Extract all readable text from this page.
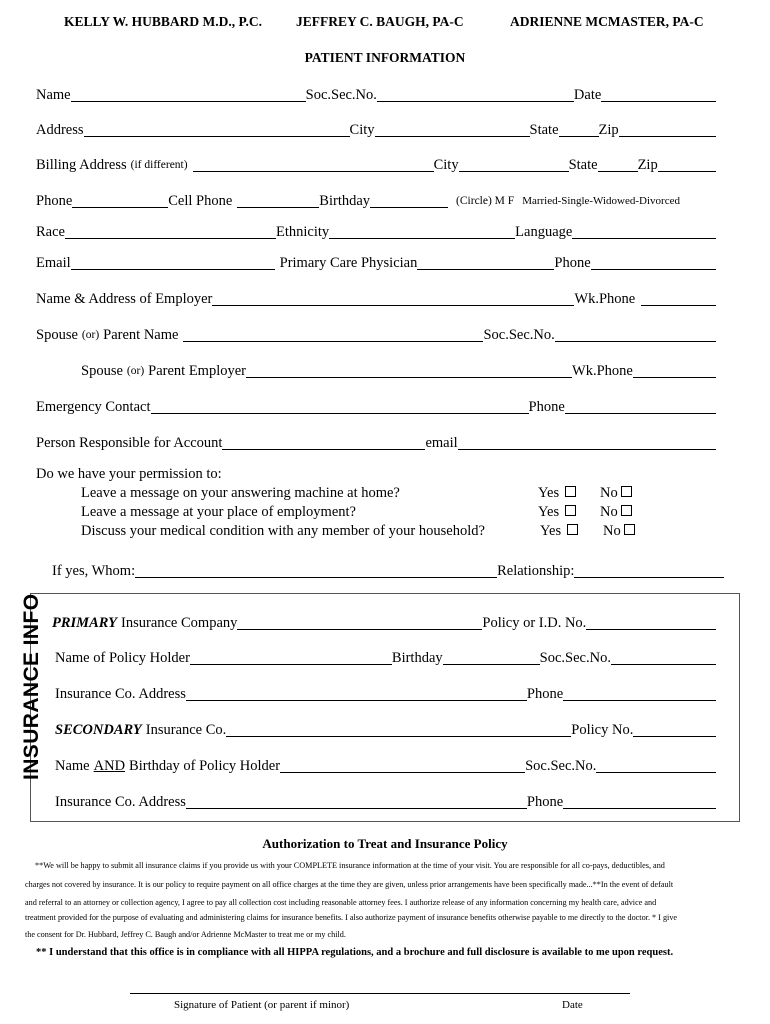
KELLY W. HUBBARD M.D., P.C.	JEFFREY C. BAUGH, PA-C	ADRIENNE MCMASTER, PA-C
PATIENT INFORMATION
Name	Soc.Sec.No.	Date
Address	City	State	Zip
Billing Address (if different)	City	State	Zip
Phone	Cell Phone	Birthday	(Circle) M F Married-Single-Widowed-Divorced
Race	Ethnicity	Language
Email	Primary Care Physician	Phone
Name & Address of Employer	Wk.Phone
Spouse (or) Parent Name	Soc.Sec.No.
Spouse (or) Parent Employer	Wk.Phone
Emergency Contact	Phone
Person Responsible for Account	email
Do we have your permission to:
Leave a message on your answering machine at home?	Yes	No
Leave a message at your place of employment?	Yes	No
Discuss your medical condition with any member of your household?	Yes	No
If yes, Whom:	Relationship:
INSURANCE INFO PRIMARY Insurance Company	Policy or I.D. No.
Name of Policy Holder	Birthday	Soc.Sec.No.
Insurance Co. Address	Phone
SECONDARY Insurance Co.	Policy No.
Name AND Birthday of Policy Holder	Soc.Sec.No.
Insurance Co. Address	Phone
Authorization to Treat and Insurance Policy
**We will be happy to submit all insurance claims if you provide us with your COMPLETE insurance information at the time of your visit. You are responsible for all co-pays, deductibles, and
charges not covered by insurance. It is our policy to require payment on all office charges at the time they are given, unless prior arrangements have been specifically made...**In the event of default
and referral to an attorney or collection agency, I agree to pay all collection cost including reasonable attorney fees. I authorize release of any information concerning my health care, advice and
treatment provided for the purpose of evaluating and administering claims for insurance benefits. I also authorize payment of insurance benefits otherwise payable to me directly to the doctor. * I give
the consent for Dr. Hubbard, Jeffrey C. Baugh and/or Adrienne McMaster to treat me or my child.
** I understand that this office is in compliance with all HIPPA regulations, and a brochure and full disclosure is available to me upon request.
Signature of Patient (or parent if minor)	Date
